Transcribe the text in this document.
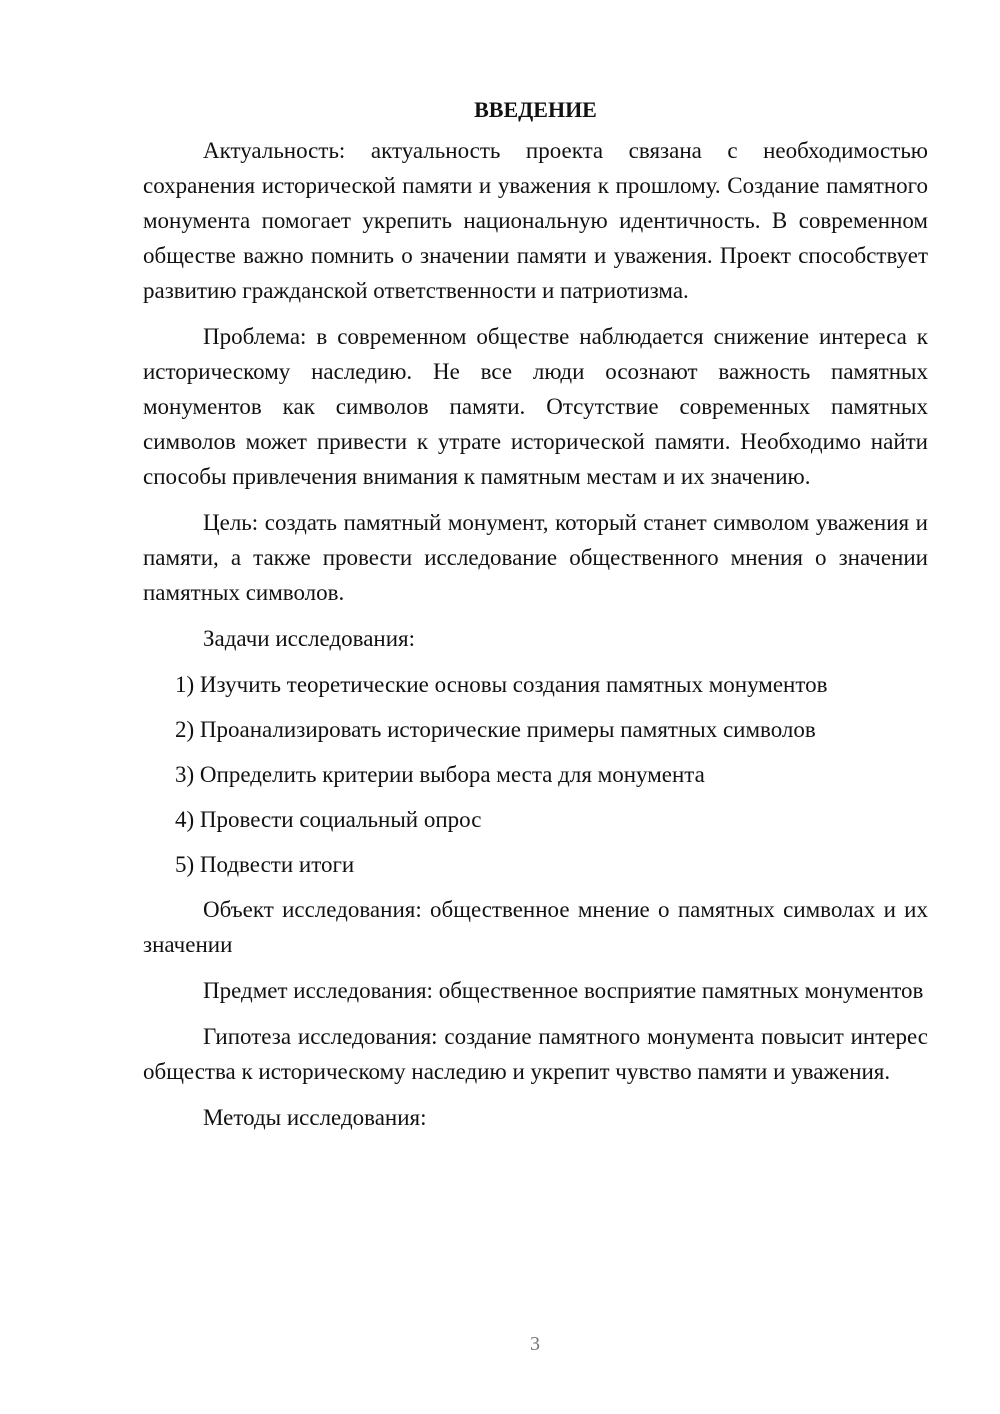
ВВЕДЕНИЕ

Актуальность: актуальность проекта связана с необходимостью сохранения исторической памяти и уважения к прошлому. Создание памятного монумента помогает укрепить национальную идентичность. В современном обществе важно помнить о значении памяти и уважения. Проект способствует развитию гражданской ответственности и патриотизма.

Проблема: в современном обществе наблюдается снижение интереса к историческому наследию. Не все люди осознают важность памятных монументов как символов памяти. Отсутствие современных памятных символов может привести к утрате исторической памяти. Необходимо найти способы привлечения внимания к памятным местам и их значению.

Цель: создать памятный монумент, который станет символом уважения и памяти, а также провести исследование общественного мнения о значении памятных символов.

Задачи исследования:

1) Изучить теоретические основы создания памятных монументов
2) Проанализировать исторические примеры памятных символов
3) Определить критерии выбора места для монумента
4) Провести социальный опрос
5) Подвести итоги

Объект исследования: общественное мнение о памятных символах и их значении

Предмет исследования: общественное восприятие памятных монументов

Гипотеза исследования: создание памятного монумента повысит интерес общества к историческому наследию и укрепит чувство памяти и уважения.

Методы исследования:

3
